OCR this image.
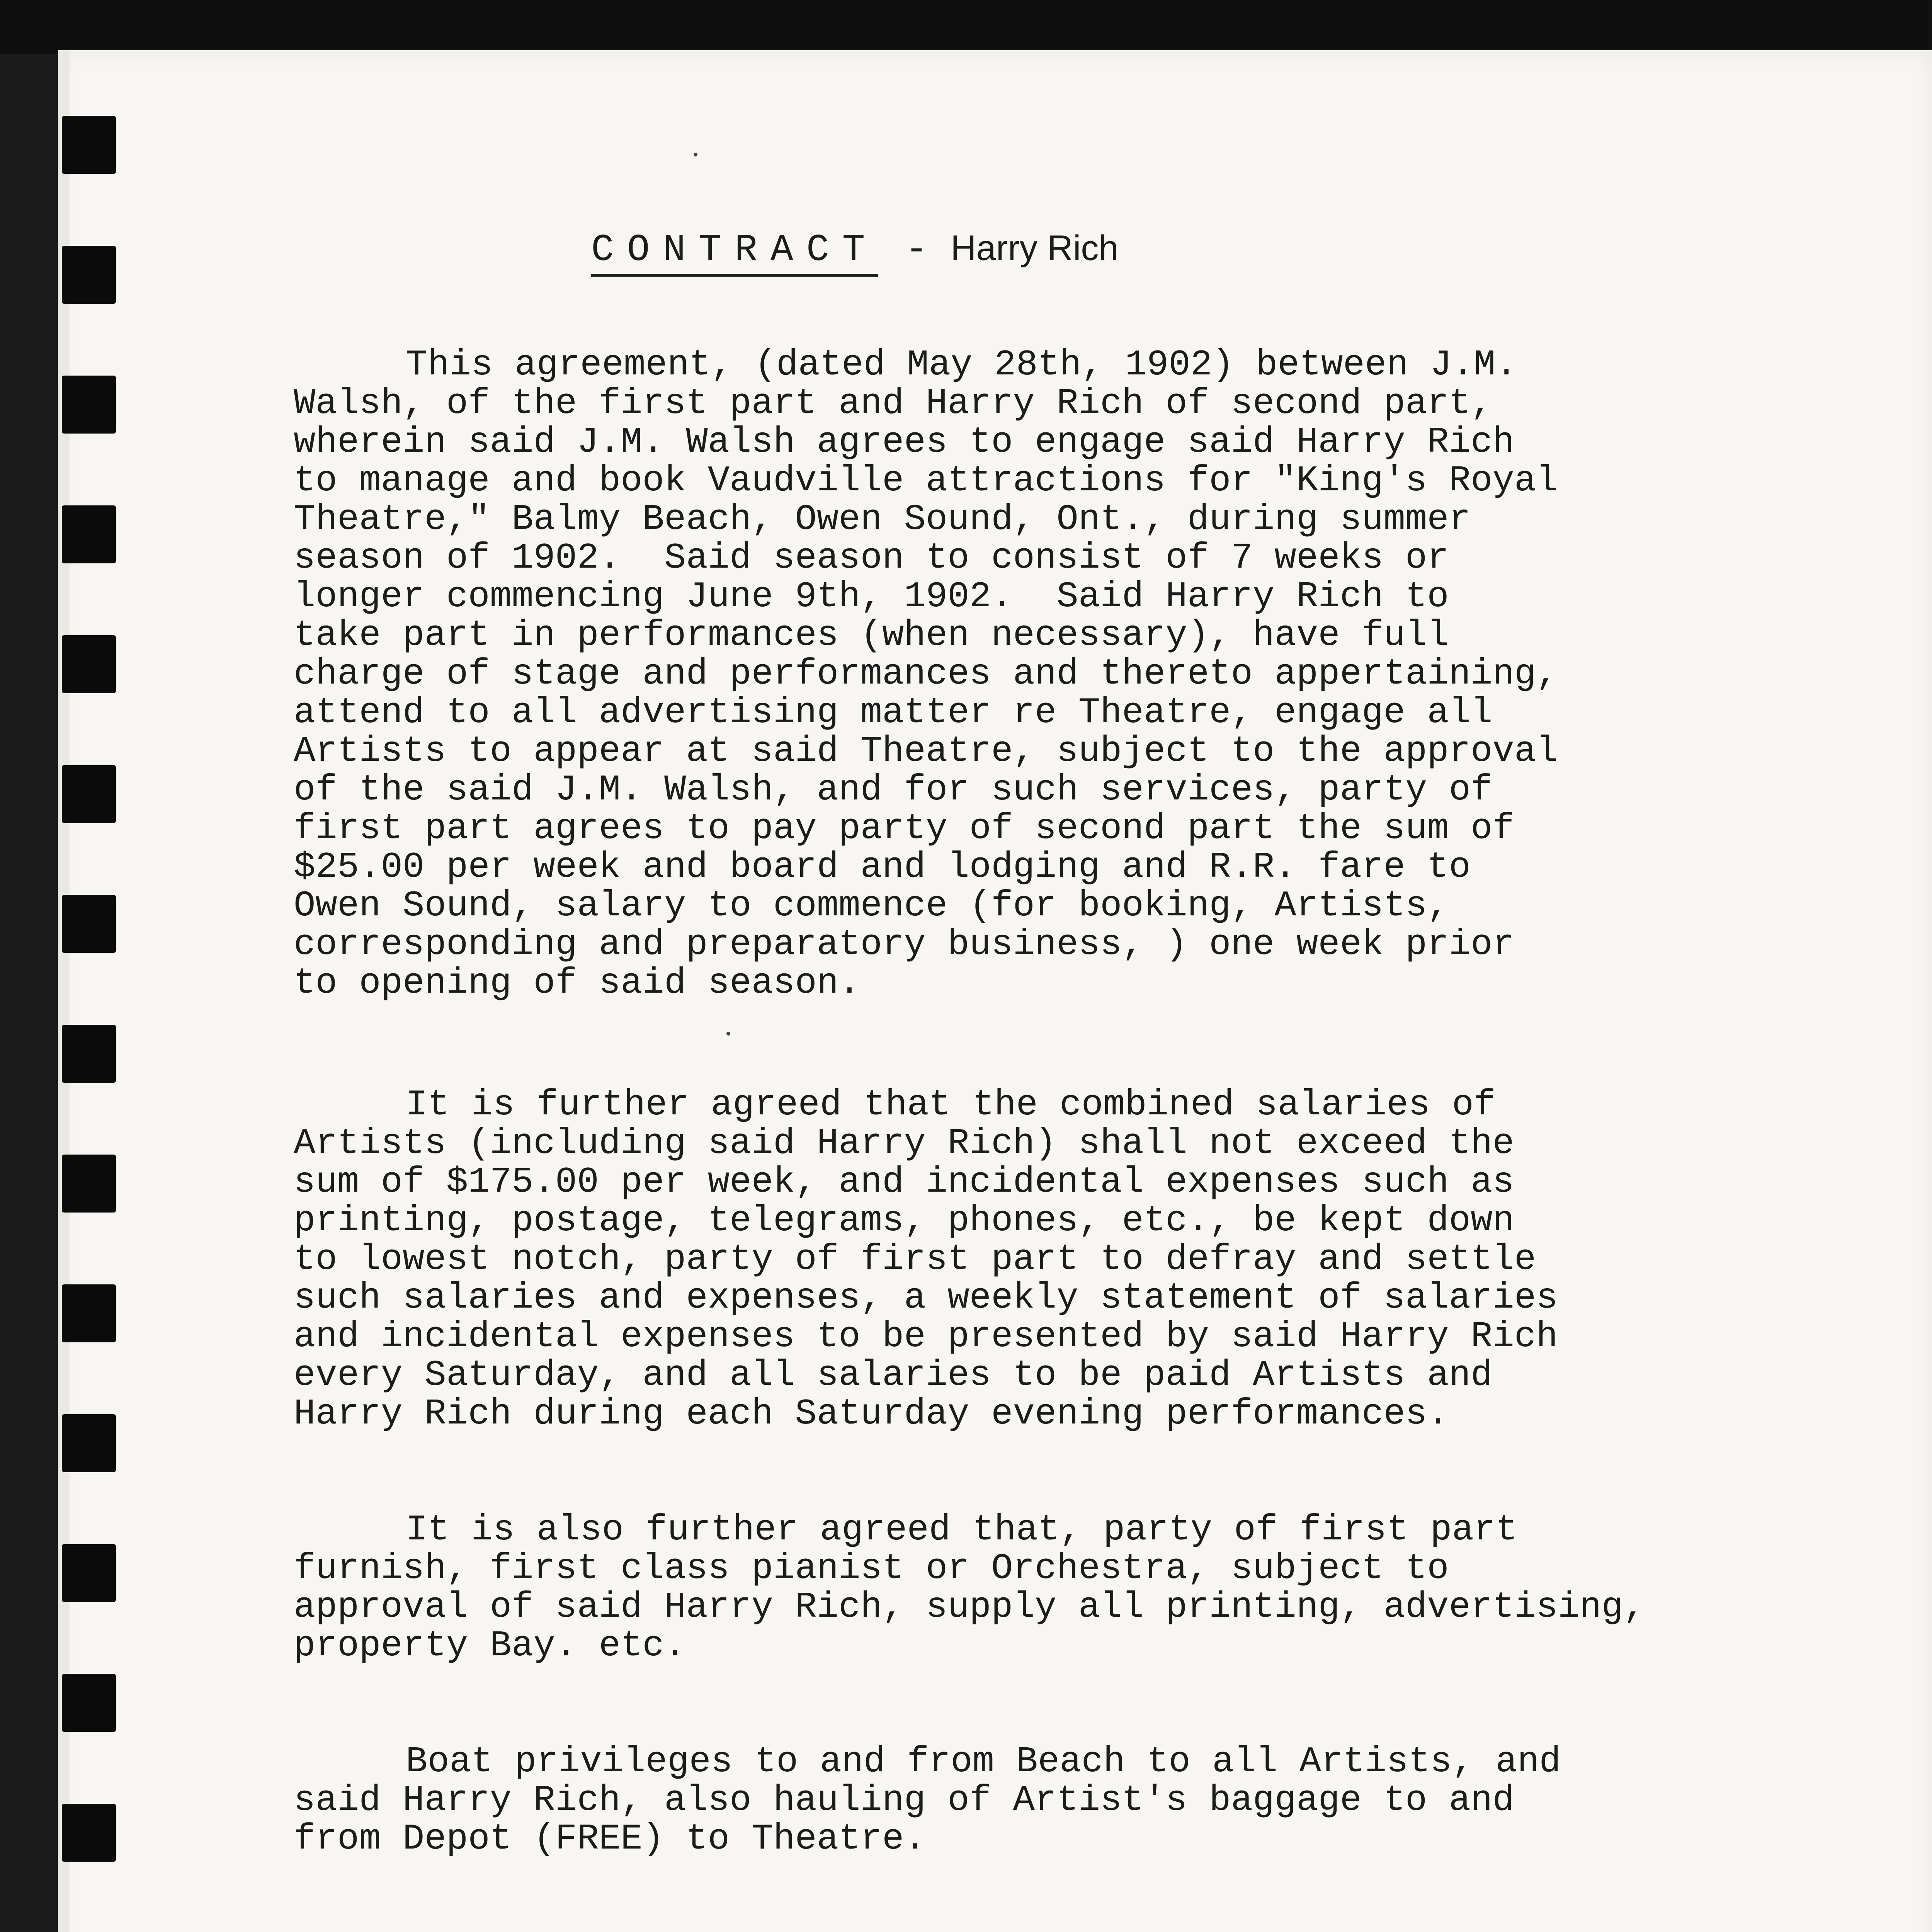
CONTRACT - Harry Rich
This agreement, (dated May 28th, 1902) between J.M.
Walsh, of the first part and Harry Rich of second part,
wherein said J.M. Walsh agrees to engage said Harry Rich
to manage and book Vaudville attractions for "King's Royal
Theatre," Balmy Beach, Owen Sound, Ont., during summer
season of 1902.  Said season to consist of 7 weeks or
longer commencing June 9th, 1902.  Said Harry Rich to
take part in performances (when necessary), have full
charge of stage and performances and thereto appertaining,
attend to all advertising matter re Theatre, engage all
Artists to appear at said Theatre, subject to the approval
of the said J.M. Walsh, and for such services, party of
first part agrees to pay party of second part the sum of
$25.00 per week and board and lodging and R.R. fare to
Owen Sound, salary to commence (for booking, Artists,
corresponding and preparatory business, ) one week prior
to opening of said season.
It is further agreed that the combined salaries of
Artists (including said Harry Rich) shall not exceed the
sum of $175.00 per week, and incidental expenses such as
printing, postage, telegrams, phones, etc., be kept down
to lowest notch, party of first part to defray and settle
such salaries and expenses, a weekly statement of salaries
and incidental expenses to be presented by said Harry Rich
every Saturday, and all salaries to be paid Artists and
Harry Rich during each Saturday evening performances.
It is also further agreed that, party of first part
furnish, first class pianist or Orchestra, subject to
approval of said Harry Rich, supply all printing, advertising,
property Bay. etc.
Boat privileges to and from Beach to all Artists, and
said Harry Rich, also hauling of Artist's baggage to and
from Depot (FREE) to Theatre.
